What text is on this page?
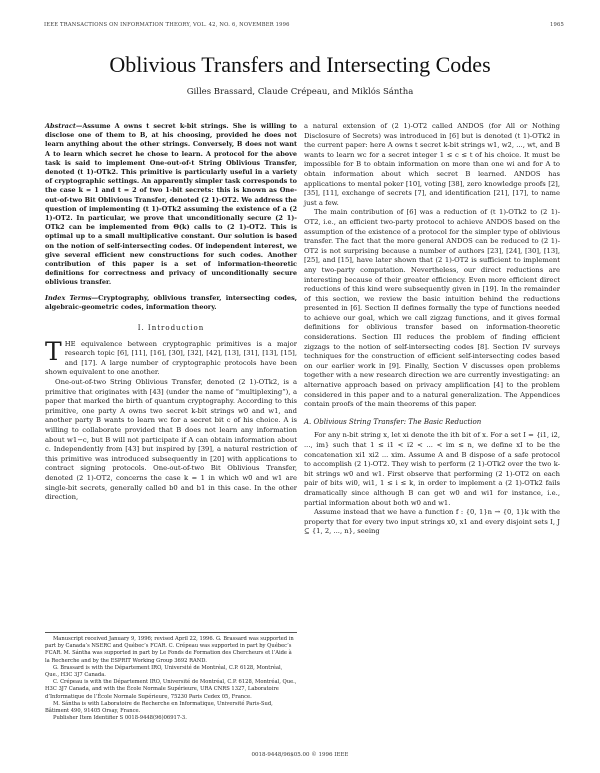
IEEE TRANSACTIONS ON INFORMATION THEORY, VOL. 42, NO. 6, NOVEMBER 1996	1965
Oblivious Transfers and Intersecting Codes
Gilles Brassard, Claude Crépeau, and Miklós Sántha
Abstract—Assume A owns t secret k-bit strings. She is willing to disclose one of them to B, at his choosing, provided he does not learn anything about the other strings. Conversely, B does not want A to learn which secret he chose to learn. A protocol for the above task is said to implement One-out-of-t String Oblivious Transfer, denoted (t 1)-OTk2. This primitive is particularly useful in a variety of cryptographic settings. An apparently simpler task corresponds to the case k = 1 and t = 2 of two 1-bit secrets: this is known as One-out-of-two Bit Oblivious Transfer, denoted (2 1)-OT2. We address the question of implementing (t 1)-OTk2 assuming the existence of a (2 1)-OT2. In particular, we prove that unconditionally secure (2 1)-OTk2 can be implemented from Θ(k) calls to (2 1)-OT2. This is optimal up to a small multiplicative constant. Our solution is based on the notion of self-intersecting codes. Of independent interest, we give several efficient new constructions for such codes. Another contribution of this paper is a set of information-theoretic definitions for correctness and privacy of unconditionally secure oblivious transfer.
Index Terms—Cryptography, oblivious transfer, intersecting codes, algebraic-geometric codes, information theory.
I. Introduction

THE equivalence between cryptographic primitives is a major research topic [6], [11], [16], [30], [32], [42], [13], [31], [13], [15], and [17]. A large number of cryptographic protocols have been shown equivalent to one another.

One-out-of-two String Oblivious Transfer, denoted (2 1)-OTk2, is a primitive that originates with [43] (under the name of “multiplexing”), a paper that marked the birth of quantum cryptography. According to this primitive, one party A owns two secret k-bit strings w0 and w1, and another party B wants to learn wc for a secret bit c of his choice. A is willing to collaborate provided that B does not learn any information about w1−c, but B will not participate if A can obtain information about c. Independently from [43] but inspired by [39], a natural restriction of this primitive was introduced subsequently in [20] with applications to contract signing protocols. One-out-of-two Bit Oblivious Transfer, denoted (2 1)-OT2, concerns the case k = 1 in which w0 and w1 are single-bit secrets, generally called b0 and b1 in this case. In the other direction,

Manuscript received January 9, 1996; revised April 22, 1996. G. Brassard was supported in part by Canada’s NSERC and Québec’s FCAR. C. Crépeau was supported in part by Québec’s FCAR. M. Sántha was supported in part by Le Fonds de Formation des Chercheurs et l’Aide à la Recherche and by the ESPRIT Working Group 3692 RAND.
G. Brassard is with the Département IRO, Université de Montréal, C.P. 6128, Montréal, Que., H3C 3J7 Canada.
C. Crépeau is with the Département IRO, Université de Montréal, C.P. 6128, Montréal, Que., H3C 3J7 Canada, and with the École Normale Supérieure, URA CNRS 1327, Laboratoire d’Informatique de l’École Normale Supérieure, 75230 Paris Cedex 05, France.
M. Sántha is with Laboratoire de Recherche en Informatique, Université Paris-Sud, Bâtiment 490, 91405 Orsay, France.
Publisher Item Identifier S 0018-9448(96)06917-3.

a natural extension of (2 1)-OT2 called ANDOS (for All or Nothing Disclosure of Secrets) was introduced in [6] but is denoted (t 1)-OTk2 in the current paper: here A owns t secret k-bit strings w1, w2, ..., wt, and B wants to learn wc for a secret integer 1 ≤ c ≤ t of his choice. It must be impossible for B to obtain information on more than one wi and for A to obtain information about which secret B learned. ANDOS has applications to mental poker [10], voting [38], zero knowledge proofs [2], [35], [11], exchange of secrets [7], and identification [21], [17], to name just a few.

The main contribution of [6] was a reduction of (t 1)-OTk2 to (2 1)-OT2, i.e., an efficient two-party protocol to achieve ANDOS based on the assumption of the existence of a protocol for the simpler type of oblivious transfer. The fact that the more general ANDOS can be reduced to (2 1)-OT2 is not surprising because a number of authors [23], [24], [30], [13], [25], and [15], have later shown that (2 1)-OT2 is sufficient to implement any two-party computation. Nevertheless, our direct reductions are interesting because of their greater efficiency. Even more efficient direct reductions of this kind were subsequently given in [19]. In the remainder of this section, we review the basic intuition behind the reductions presented in [6]. Section II defines formally the type of functions needed to achieve our goal, which we call zigzag functions, and it gives formal definitions for oblivious transfer based on information-theoretic considerations. Section III reduces the problem of finding efficient zigzags to the notion of self-intersecting codes [8]. Section IV surveys techniques for the construction of efficient self-intersecting codes based on our earlier work in [9]. Finally, Section V discusses open problems together with a new research direction we are currently investigating: an alternative approach based on privacy amplification [4] to the problem considered in this paper and to a natural generalization. The Appendices contain proofs of the main theorems of this paper.

A. Oblivious String Transfer: The Basic Reduction

For any n-bit string x, let xi denote the ith bit of x. For a set I = {i1, i2, ..., im} such that 1 ≤ i1 < i2 < ... < im ≤ n, we define xI to be the concatenation xi1 xi2 ... xim. Assume A and B dispose of a safe protocol to accomplish (2 1)-OT2. They wish to perform (2 1)-OTk2 over the two k-bit strings w0 and w1. First observe that performing (2 1)-OT2 on each pair of bits wi0, wi1, 1 ≤ i ≤ k, in order to implement a (2 1)-OTk2 fails dramatically since although B can get w0 and wi1 for instance, i.e., partial information about both w0 and w1.

Assume instead that we have a function f : {0, 1}n → {0, 1}k with the property that for every two input strings x0, x1 and every disjoint sets I, J ⊆ {1, 2, ..., n}, seeing

0018-9448/96$05.00 © 1996 IEEE
